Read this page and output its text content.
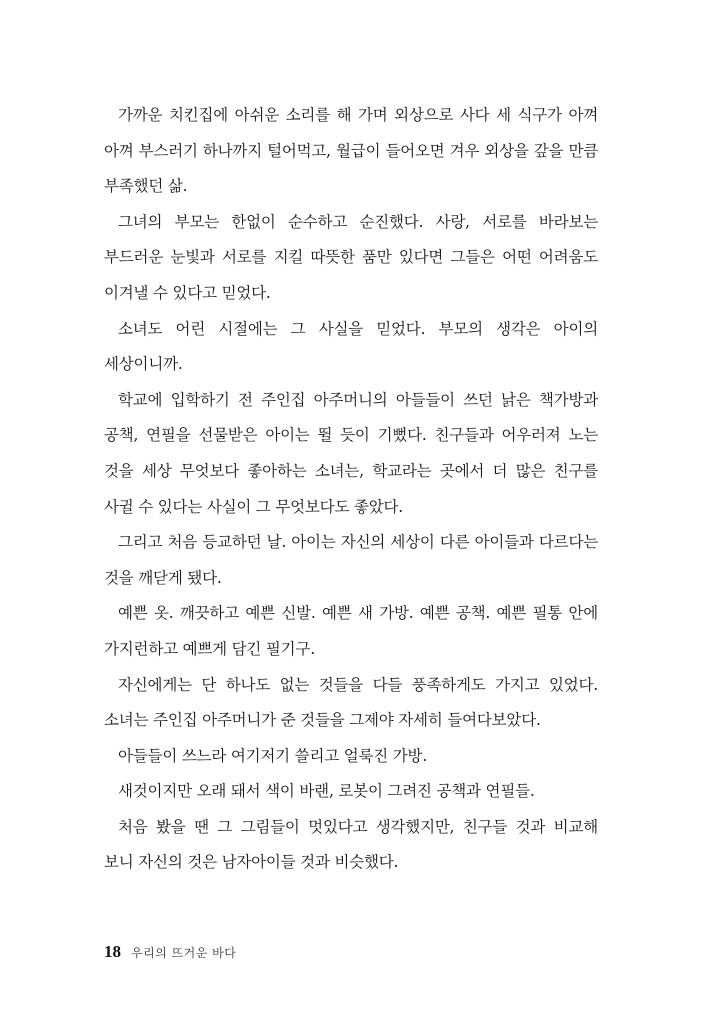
가까운 치킨집에 아쉬운 소리를 해 가며 외상으로 사다 세 식구가 아껴 아껴 부스러기 하나까지 털어먹고, 월급이 들어오면 겨우 외상을 갚을 만큼 부족했던 삶.

그녀의 부모는 한없이 순수하고 순진했다. 사랑, 서로를 바라보는 부드러운 눈빛과 서로를 지킬 따뜻한 품만 있다면 그들은 어떤 어려움도 이겨낼 수 있다고 믿었다.

소녀도 어린 시절에는 그 사실을 믿었다. 부모의 생각은 아이의 세상이니까.

학교에 입학하기 전 주인집 아주머니의 아들들이 쓰던 낡은 책가방과 공책, 연필을 선물받은 아이는 뛸 듯이 기뻤다. 친구들과 어우러져 노는 것을 세상 무엇보다 좋아하는 소녀는, 학교라는 곳에서 더 많은 친구를 사귈 수 있다는 사실이 그 무엇보다도 좋았다.

그리고 처음 등교하던 날. 아이는 자신의 세상이 다른 아이들과 다르다는 것을 깨닫게 됐다.

예쁜 옷. 깨끗하고 예쁜 신발. 예쁜 새 가방. 예쁜 공책. 예쁜 필통 안에 가지런하고 예쁘게 담긴 필기구.

자신에게는 단 하나도 없는 것들을 다들 풍족하게도 가지고 있었다. 소녀는 주인집 아주머니가 준 것들을 그제야 자세히 들여다보았다.

아들들이 쓰느라 여기저기 쓸리고 얼룩진 가방.

새것이지만 오래 돼서 색이 바랜, 로봇이 그려진 공책과 연필들.

처음 봤을 땐 그 그림들이 멋있다고 생각했지만, 친구들 것과 비교해 보니 자신의 것은 남자아이들 것과 비슷했다.

18 우리의 뜨거운 바다
